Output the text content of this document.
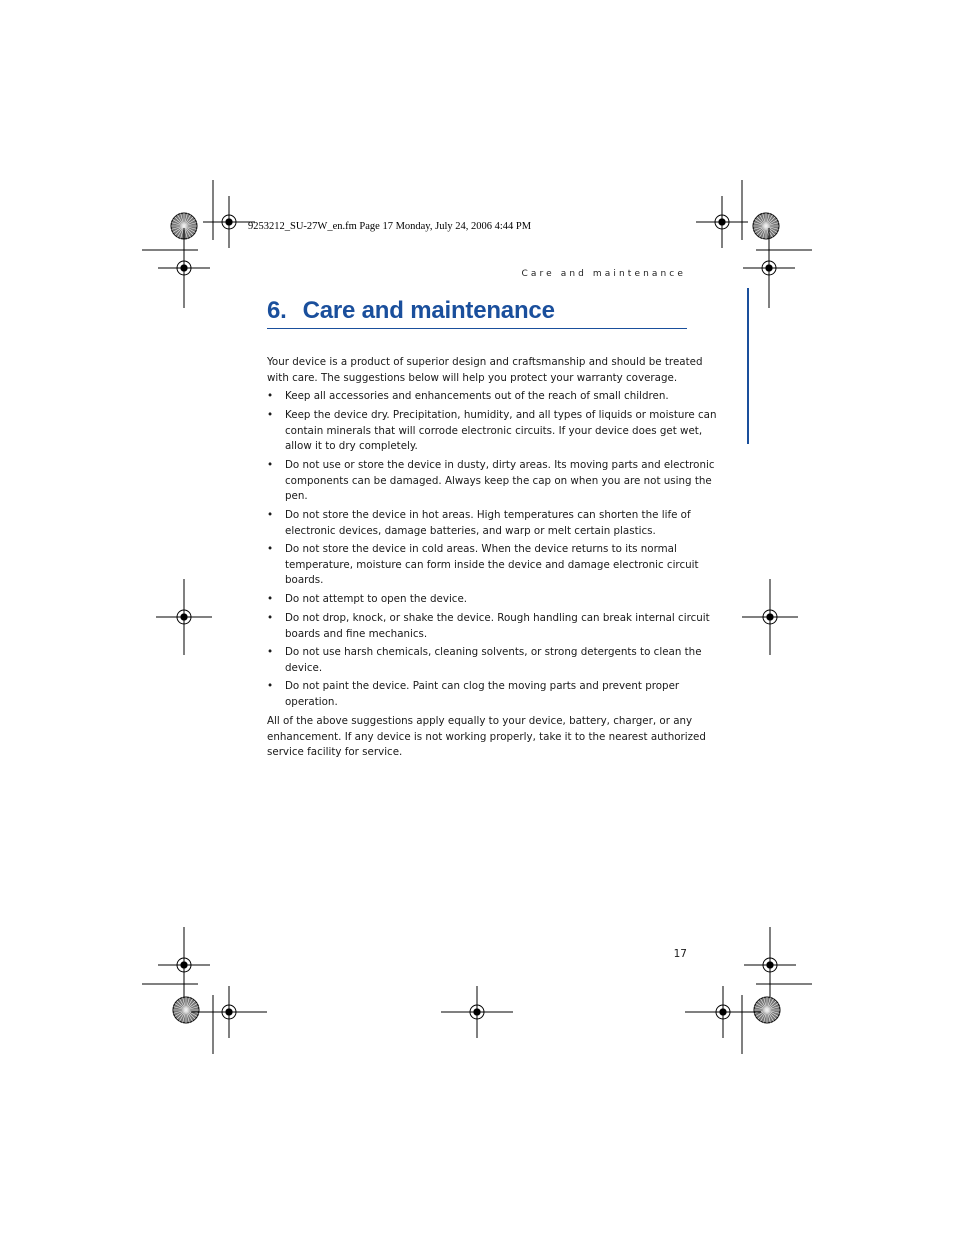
9253212_SU-27W_en.fm Page 17 Monday, July 24, 2006 4:44 PM
Care and maintenance
6. Care and maintenance

Your device is a product of superior design and craftsmanship and should be treated
with care. The suggestions below will help you protect your warranty coverage.

• Keep all accessories and enhancements out of the reach of small children.

• Keep the device dry. Precipitation, humidity, and all types of liquids or moisture can
contain minerals that will corrode electronic circuits. If your device does get wet,
allow it to dry completely.

• Do not use or store the device in dusty, dirty areas. Its moving parts and electronic
components can be damaged. Always keep the cap on when you are not using the
pen.

• Do not store the device in hot areas. High temperatures can shorten the life of
electronic devices, damage batteries, and warp or melt certain plastics.

• Do not store the device in cold areas. When the device returns to its normal
temperature, moisture can form inside the device and damage electronic circuit
boards.

• Do not attempt to open the device.

• Do not drop, knock, or shake the device. Rough handling can break internal circuit
boards and fine mechanics.

• Do not use harsh chemicals, cleaning solvents, or strong detergents to clean the
device.

• Do not paint the device. Paint can clog the moving parts and prevent proper
operation.

All of the above suggestions apply equally to your device, battery, charger, or any
enhancement. If any device is not working properly, take it to the nearest authorized
service facility for service.

17
